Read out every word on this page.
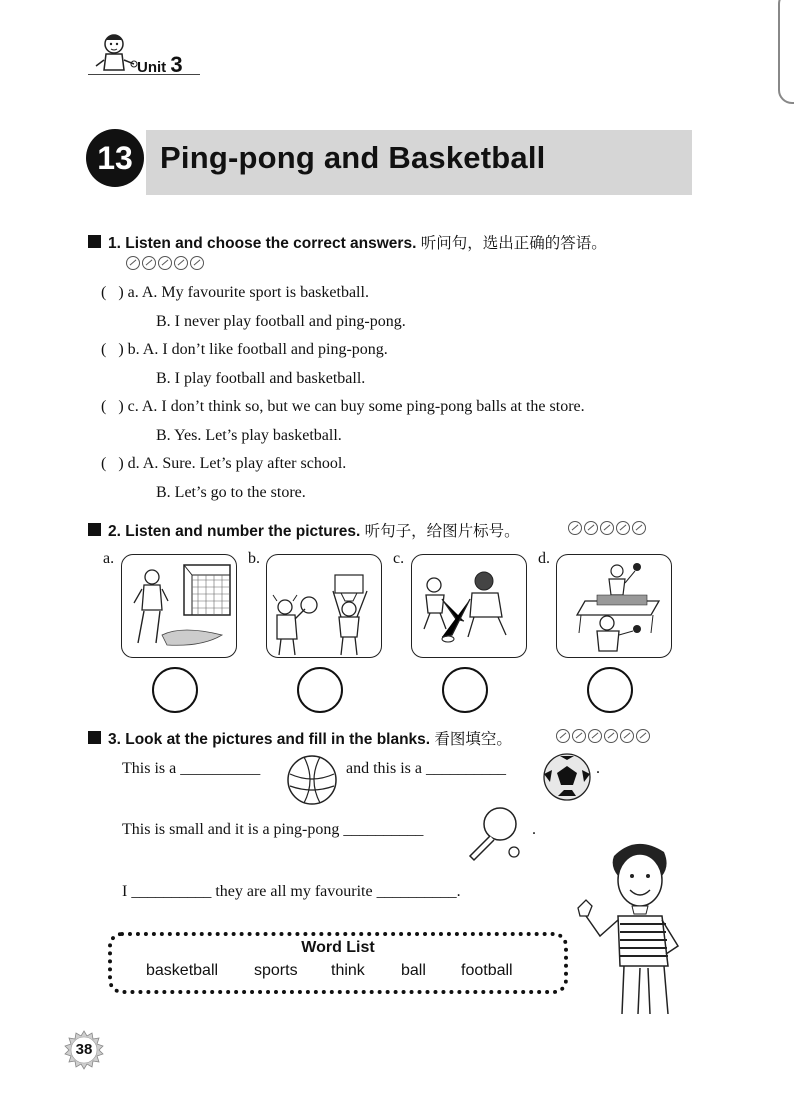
Unit 3
13 Ping-pong and Basketball
1. Listen and choose the correct answers. 听问句，选出正确的答语。
(   ) a. A. My favourite sport is basketball.
B. I never play football and ping-pong.
(   ) b. A. I don’t like football and ping-pong.
B. I play football and basketball.
(   ) c. A. I don’t think so, but we can buy some ping-pong balls at the store.
B. Yes. Let’s play basketball.
(   ) d. A. Sure. Let’s play after school.
B. Let’s go to the store.
2. Listen and number the pictures. 听句子，给图片标号。
a.	b.	c.	d.
3. Look at the pictures and fill in the blanks. 看图填空。
This is a __________	and this is a __________	.
This is small and it is a ping-pong __________	.
I __________ they are all my favourite __________.
Word List
basketball sports think ball football
38
